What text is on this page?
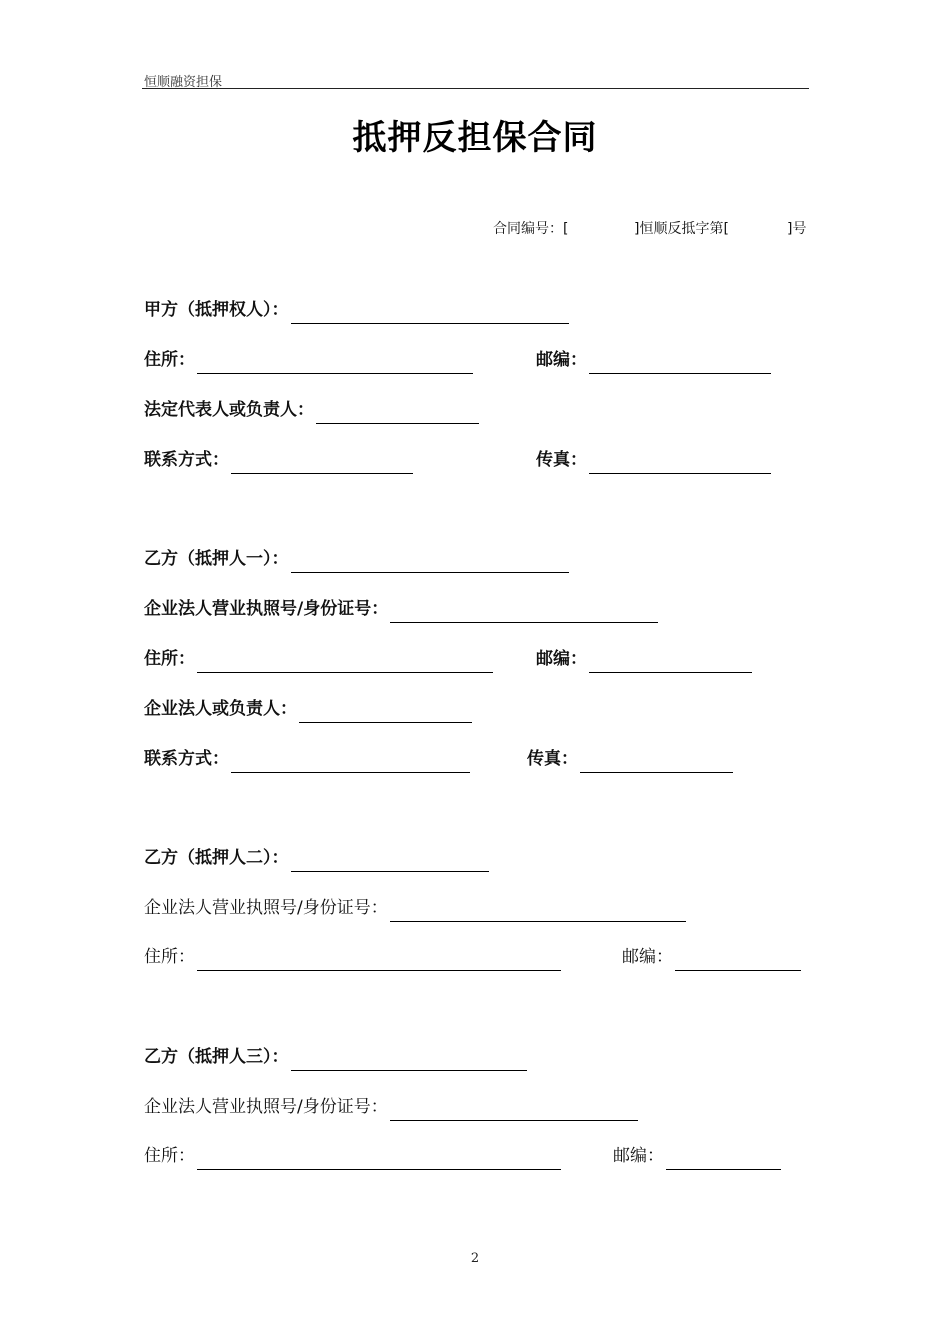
恒顺融资担保
抵押反担保合同
合同编号：[	]恒顺反抵字第[	]号
甲方（抵押权人）：
住所：	邮编：
法定代表人或负责人：
联系方式：	传真：
乙方（抵押人一）：
企业法人营业执照号/身份证号：
住所：	邮编：
企业法人或负责人：
联系方式：	传真：
乙方（抵押人二）：
企业法人营业执照号/身份证号：
住所：	邮编：
乙方（抵押人三）：
企业法人营业执照号/身份证号：
住所：	邮编：
2
